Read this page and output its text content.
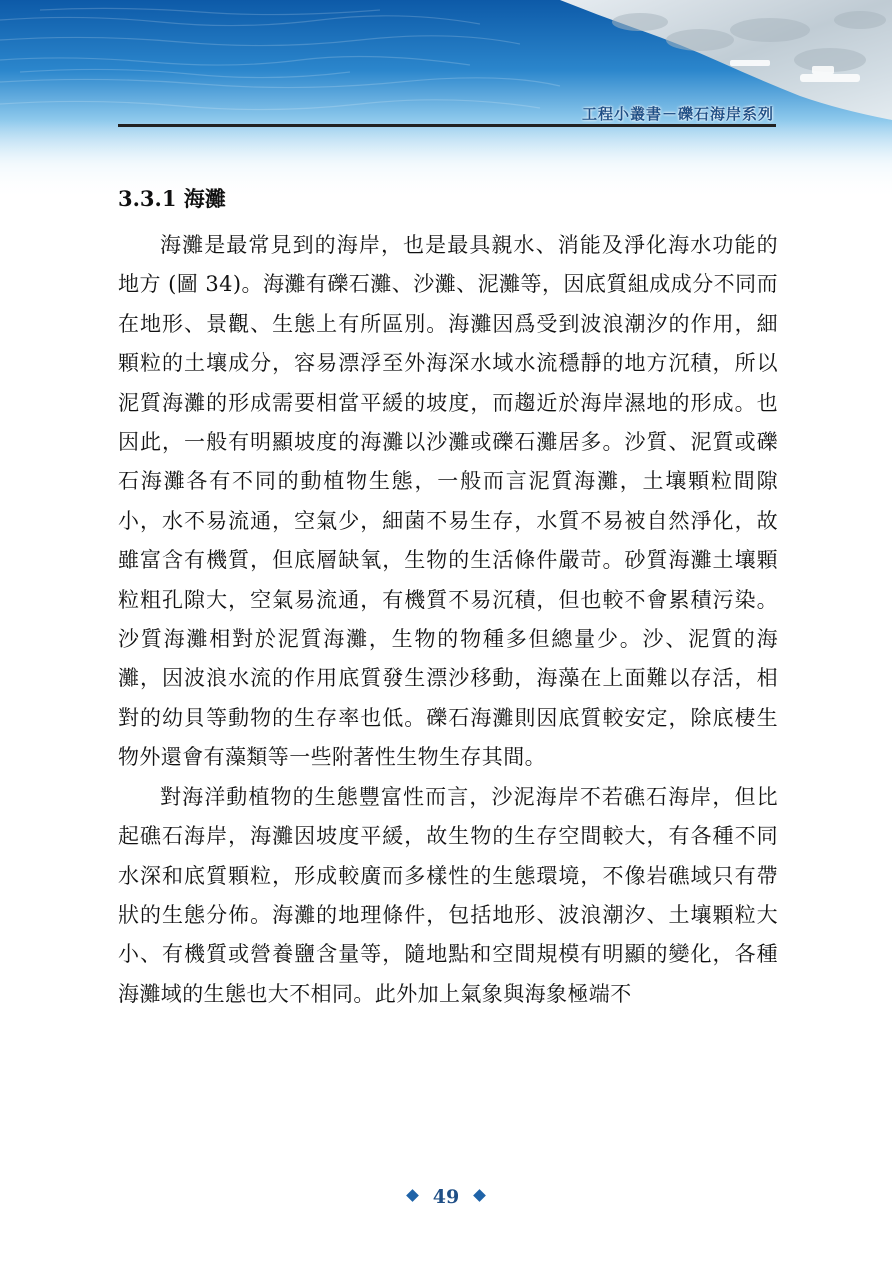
工程小叢書－礫石海岸系列
3.3.1 海灘

海灘是最常見到的海岸，也是最具親水、消能及淨化海水功能的地方 (圖 34)。海灘有礫石灘、沙灘、泥灘等，因底質組成成分不同而在地形、景觀、生態上有所區別。海灘因爲受到波浪潮汐的作用，細顆粒的土壤成分，容易漂浮至外海深水域水流穩靜的地方沉積，所以泥質海灘的形成需要相當平緩的坡度，而趨近於海岸濕地的形成。也因此，一般有明顯坡度的海灘以沙灘或礫石灘居多。沙質、泥質或礫石海灘各有不同的動植物生態，一般而言泥質海灘，土壤顆粒間隙小，水不易流通，空氣少，細菌不易生存，水質不易被自然淨化，故雖富含有機質，但底層缺氧，生物的生活條件嚴苛。砂質海灘土壤顆粒粗孔隙大，空氣易流通，有機質不易沉積，但也較不會累積污染。沙質海灘相對於泥質海灘，生物的物種多但總量少。沙、泥質的海灘，因波浪水流的作用底質發生漂沙移動，海藻在上面難以存活，相對的幼貝等動物的生存率也低。礫石海灘則因底質較安定，除底棲生物外還會有藻類等一些附著性生物生存其間。

對海洋動植物的生態豐富性而言，沙泥海岸不若礁石海岸，但比起礁石海岸，海灘因坡度平緩，故生物的生存空間較大，有各種不同水深和底質顆粒，形成較廣而多樣性的生態環境，不像岩礁域只有帶狀的生態分佈。海灘的地理條件，包括地形、波浪潮汐、土壤顆粒大小、有機質或營養鹽含量等，隨地點和空間規模有明顯的變化，各種海灘域的生態也大不相同。此外加上氣象與海象極端不

49
